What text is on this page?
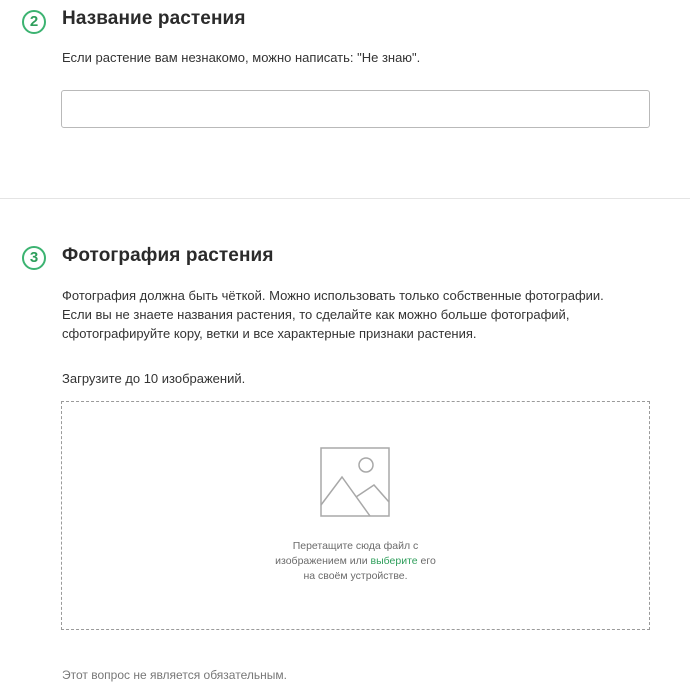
2	Название растения

Если растение вам незнакомо, можно написать: "Не знаю".

3	Фотография растения
Фотография должна быть чёткой. Можно использовать только собственные фотографии.
Если вы не знаете названия растения, то сделайте как можно больше фотографий,
сфотографируйте кору, ветки и все характерные признаки растения.

Загрузите до 10 изображений.

Перетащите сюда файл с
изображением или выберите его
на своём устройстве.

Этот вопрос не является обязательным.
